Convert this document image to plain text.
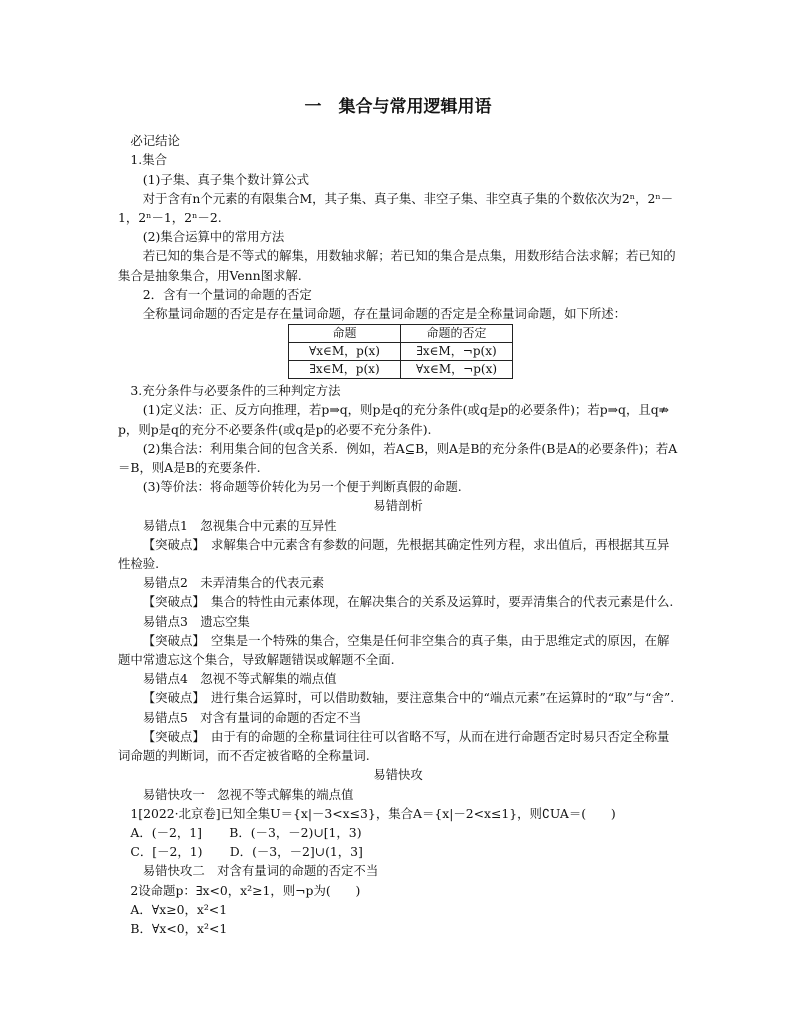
一　集合与常用逻辑用语

必记结论

1.集合

(1)子集、真子集个数计算公式

对于含有n个元素的有限集合M，其子集、真子集、非空子集、非空真子集的个数依次为2ⁿ，2ⁿ－1，2ⁿ－1，2ⁿ－2.

(2)集合运算中的常用方法

若已知的集合是不等式的解集，用数轴求解；若已知的集合是点集，用数形结合法求解；若已知的集合是抽象集合，用Venn图求解.

2．含有一个量词的命题的否定

全称量词命题的否定是存在量词命题，存在量词命题的否定是全称量词命题，如下所述：

命题	命题的否定
∀x∈M，p(x)	∃x∈M，¬p(x)
∃x∈M，p(x)	∀x∈M，¬p(x)

3.充分条件与必要条件的三种判定方法

(1)定义法：正、反方向推理，若p⇒q，则p是q的充分条件(或q是p的必要条件)；若p⇒q，且q⇏p，则p是q的充分不必要条件(或q是p的必要不充分条件).

(2)集合法：利用集合间的包含关系．例如，若A⊆B，则A是B的充分条件(B是A的必要条件)；若A＝B，则A是B的充要条件.

(3)等价法：将命题等价转化为另一个便于判断真假的命题.

易错剖析

易错点1　忽视集合中元素的互异性

【突破点】　求解集合中元素含有参数的问题，先根据其确定性列方程，求出值后，再根据其互异性检验.

易错点2　未弄清集合的代表元素

【突破点】　集合的特性由元素体现，在解决集合的关系及运算时，要弄清集合的代表元素是什么.

易错点3　遗忘空集

【突破点】　空集是一个特殊的集合，空集是任何非空集合的真子集，由于思维定式的原因，在解题中常遗忘这个集合，导致解题错误或解题不全面.

易错点4　忽视不等式解集的端点值

【突破点】　进行集合运算时，可以借助数轴，要注意集合中的“端点元素”在运算时的“取”与“舍”.

易错点5　对含有量词的命题的否定不当

【突破点】　由于有的命题的全称量词往往可以省略不写，从而在进行命题否定时易只否定全称量词命题的判断词，而不否定被省略的全称量词.

易错快攻

易错快攻一　忽视不等式解集的端点值

1[2022·北京卷]已知全集U＝{x|－3<x≤3}，集合A＝{x|－2<x≤1}，则∁UA＝(　　)

A．(－2，1] B．(－3，－2)∪[1，3)

C．[－2，1) D．(－3，－2]∪(1，3]

易错快攻二　对含有量词的命题的否定不当

2设命题p：∃x<0，x²≥1，则¬p为(　　)

A．∀x≥0，x²<1

B．∀x<0，x²<1
